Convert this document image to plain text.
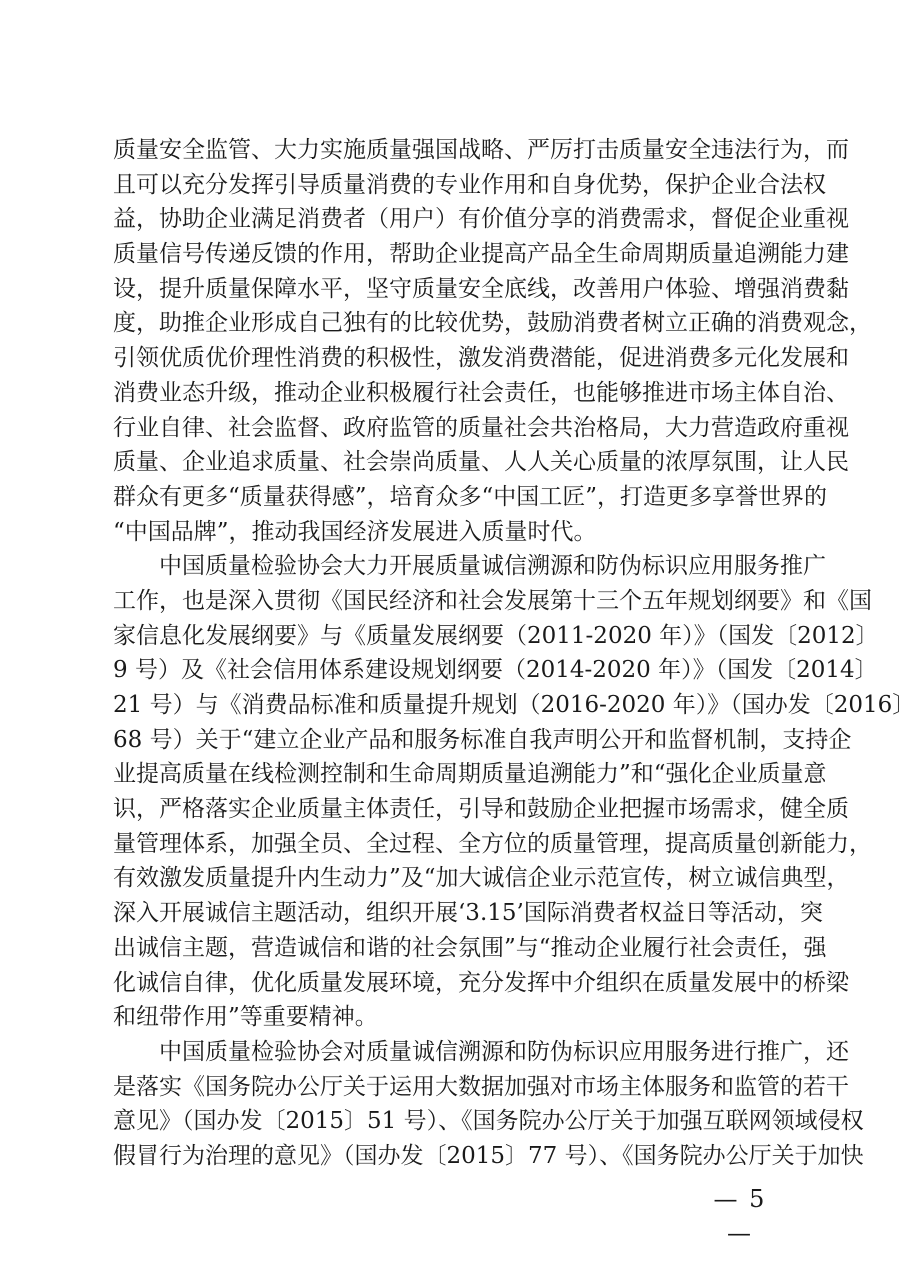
质量安全监管、大力实施质量强国战略、严厉打击质量安全违法行为，而
且可以充分发挥引导质量消费的专业作用和自身优势，保护企业合法权
益，协助企业满足消费者（用户）有价值分享的消费需求，督促企业重视
质量信号传递反馈的作用，帮助企业提高产品全生命周期质量追溯能力建
设，提升质量保障水平，坚守质量安全底线，改善用户体验、增强消费黏
度，助推企业形成自己独有的比较优势，鼓励消费者树立正确的消费观念，
引领优质优价理性消费的积极性，激发消费潜能，促进消费多元化发展和
消费业态升级，推动企业积极履行社会责任，也能够推进市场主体自治、
行业自律、社会监督、政府监管的质量社会共治格局，大力营造政府重视
质量、企业追求质量、社会崇尚质量、人人关心质量的浓厚氛围，让人民
群众有更多“质量获得感”，培育众多“中国工匠”，打造更多享誉世界的
“中国品牌”，推动我国经济发展进入质量时代。
中国质量检验协会大力开展质量诚信溯源和防伪标识应用服务推广
工作，也是深入贯彻《国民经济和社会发展第十三个五年规划纲要》和《国
家信息化发展纲要》与《质量发展纲要（2011-2020 年）》（国发〔2012〕
9 号）及《社会信用体系建设规划纲要（2014-2020 年）》（国发〔2014〕
21 号）与《消费品标准和质量提升规划（2016-2020 年）》（国办发〔2016〕
68 号）关于“建立企业产品和服务标准自我声明公开和监督机制，支持企
业提高质量在线检测控制和生命周期质量追溯能力”和“强化企业质量意
识，严格落实企业质量主体责任，引导和鼓励企业把握市场需求，健全质
量管理体系，加强全员、全过程、全方位的质量管理，提高质量创新能力，
有效激发质量提升内生动力”及“加大诚信企业示范宣传，树立诚信典型，
深入开展诚信主题活动，组织开展‘3.15’国际消费者权益日等活动，突
出诚信主题，营造诚信和谐的社会氛围”与“推动企业履行社会责任，强
化诚信自律，优化质量发展环境，充分发挥中介组织在质量发展中的桥梁
和纽带作用”等重要精神。
中国质量检验协会对质量诚信溯源和防伪标识应用服务进行推广，还
是落实《国务院办公厅关于运用大数据加强对市场主体服务和监管的若干
意见》（国办发〔2015〕51 号）、《国务院办公厅关于加强互联网领域侵权
假冒行为治理的意见》（国办发〔2015〕77 号）、《国务院办公厅关于加快
— 5 —
